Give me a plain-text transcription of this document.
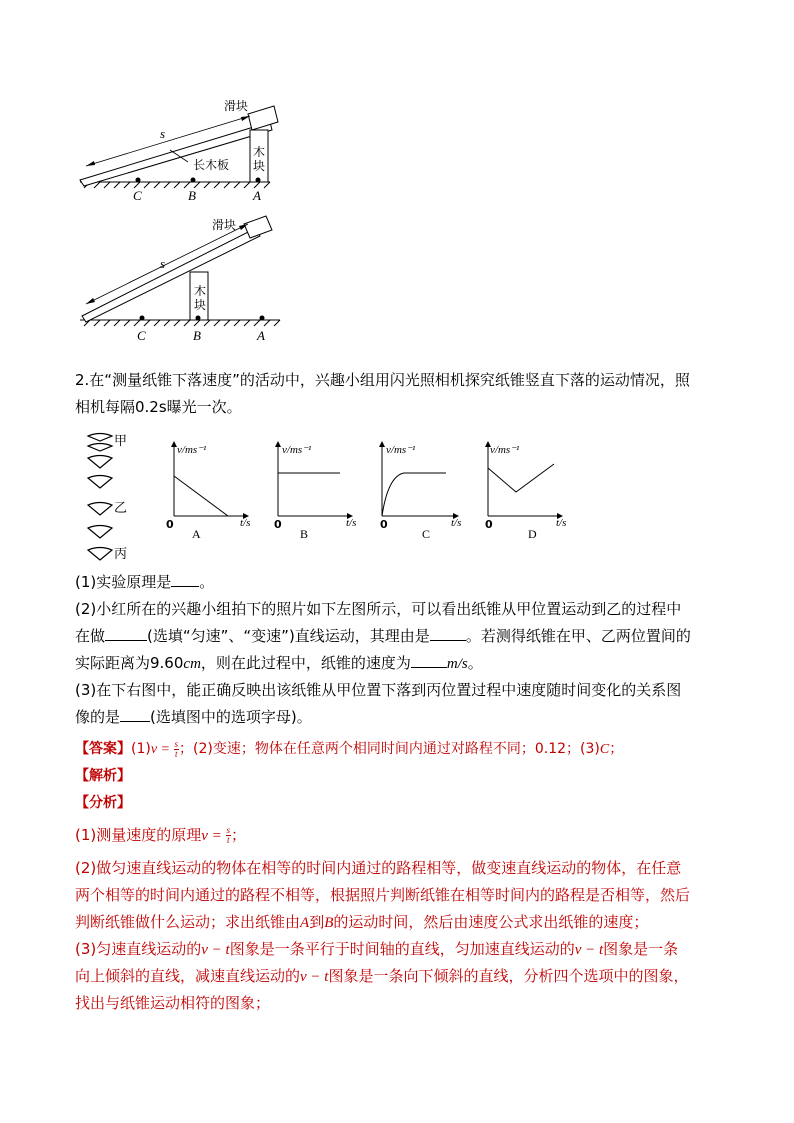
滑块
s
长木板
木
块
C	B	A
滑块
s
木
块
C	B	A
2.在“测量纸锥下落速度”的活动中，兴趣小组用闪光照相机探究纸锥竖直下落的运动情况，照
相机每隔0.2s曝光一次。
甲
乙
丙
v/ms⁻¹
t/s
0
A
v/ms⁻¹
t/s
0
B
v/ms⁻¹
t/s
0
C
v/ms⁻¹
t/s
0
D
(1)实验原理是 。
(2)小红所在的兴趣小组拍下的照片如下左图所示，可以看出纸锥从甲位置运动到乙的过程中
在做	(选填“匀速”、“变速”)直线运动，其理由是 。若测得纸锥在甲、乙两位置间的
实际距离为9.60cm，则在此过程中，纸锥的速度为 m/s。
(3)在下右图中，能正确反映出该纸锥从甲位置下落到丙位置过程中速度随时间变化的关系图
像的是 (选填图中的选项字母)。
【答案】$(1)v = \frac{s}{t}$ ；(2)变速；物体在任意两个相同时间内通过对路程不同；0.12；(3)C；
【解析】
【分析】
(1)测量速度的原理$v = \frac{s}{t}$ ；
(2)做匀速直线运动的物体在相等的时间内通过的路程相等，做变速直线运动的物体，在任意
两个相等的时间内通过的路程不相等，根据照片判断纸锥在相等时间内的路程是否相等，然后
判断纸锥做什么运动；求出纸锥由A到B的运动时间，然后由速度公式求出纸锥的速度；
(3)匀速直线运动的v − t图象是一条平行于时间轴的直线，匀加速直线运动的v − t图象是一条
向上倾斜的直线，减速直线运动的v − t图象是一条向下倾斜的直线，分析四个选项中的图象，
找出与纸锥运动相符的图象；
